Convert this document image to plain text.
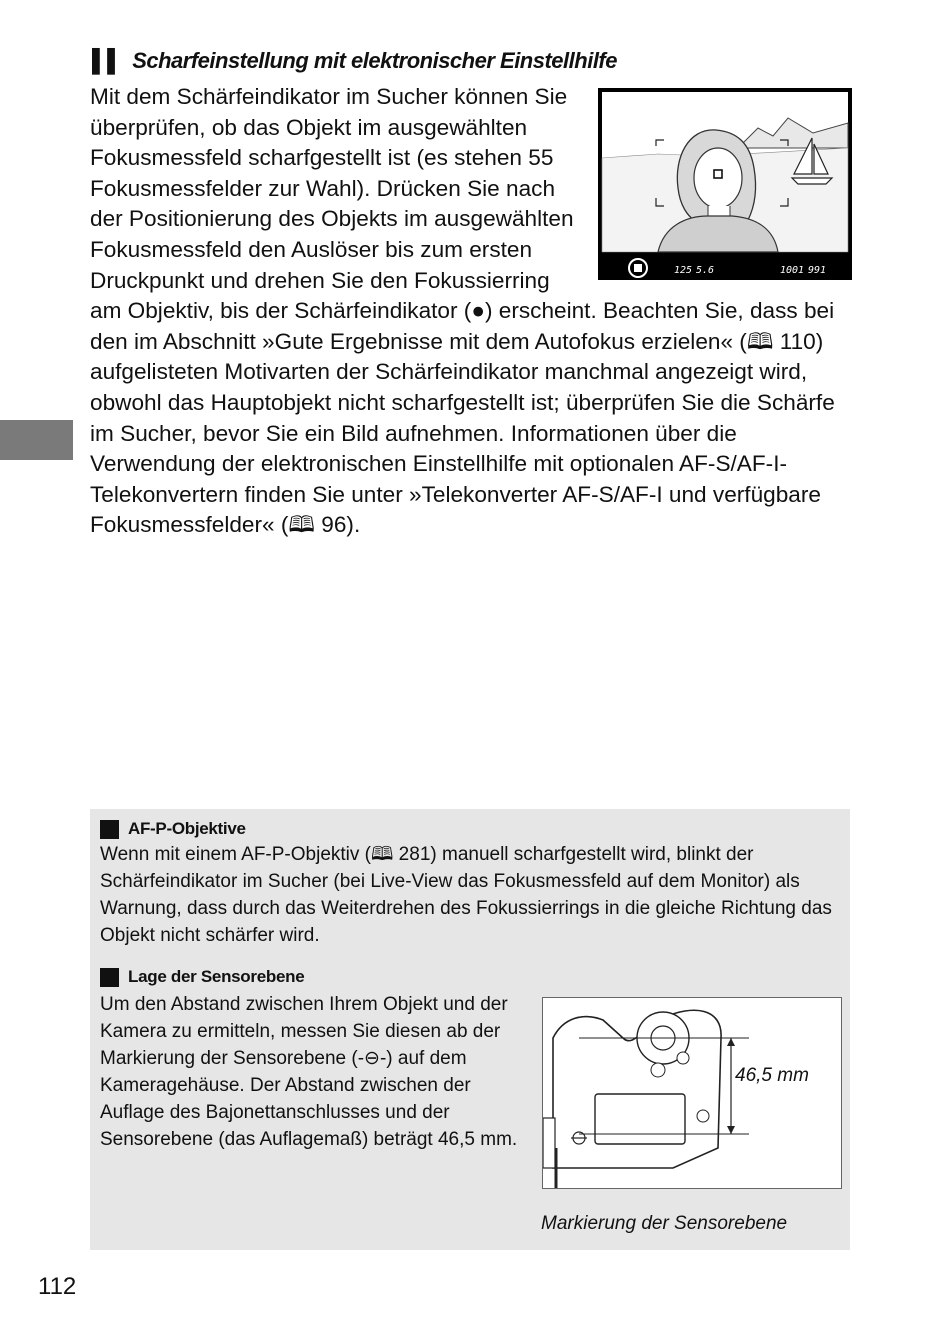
▌▌ Scharfeinstellung mit elektronischer Einstellhilfe
125 5.6	1001 991

Mit dem Schärfeindikator im Sucher können Sie überprüfen, ob das Objekt im ausgewählten Fokusmessfeld scharfgestellt ist (es stehen 55 Fokusmessfelder zur Wahl). Drücken Sie nach der Positionierung des Objekts im ausgewählten Fokusmessfeld den Auslöser bis zum ersten Druckpunkt und drehen Sie den Fokussierring am Objektiv, bis der Schärfeindikator (●) erscheint. Beachten Sie, dass bei den im Abschnitt »Gute Ergebnisse mit dem Autofokus erzielen« (🕮 110) aufgelisteten Motivarten der Schärfeindikator manchmal angezeigt wird, obwohl das Hauptobjekt nicht scharfgestellt ist; überprüfen Sie die Schärfe im Sucher, bevor Sie ein Bild aufnehmen. Informationen über die Verwendung der elektronischen Einstellhilfe mit optionalen AF-S/AF-I-Telekonvertern finden Sie unter »Telekonverter AF-S/AF-I und verfügbare Fokusmessfelder« (🕮 96).

AF-P-Objektive

Wenn mit einem AF-P-Objektiv (🕮 281) manuell scharfgestellt wird, blinkt der Schärfeindikator im Sucher (bei Live-View das Fokusmessfeld auf dem Monitor) als Warnung, dass durch das Weiterdrehen des Fokussierrings in die gleiche Richtung das Objekt nicht schärfer wird.

Lage der Sensorebene

Um den Abstand zwischen Ihrem Objekt und der Kamera zu ermitteln, messen Sie diesen ab der Markierung der Sensorebene (-⊖-) auf dem Kameragehäuse. Der Abstand zwischen der Auflage des Bajonettanschlusses und der Sensorebene (das Auflagemaß) beträgt 46,5 mm.

46,5 mm
Markierung der Sensorebene
112
